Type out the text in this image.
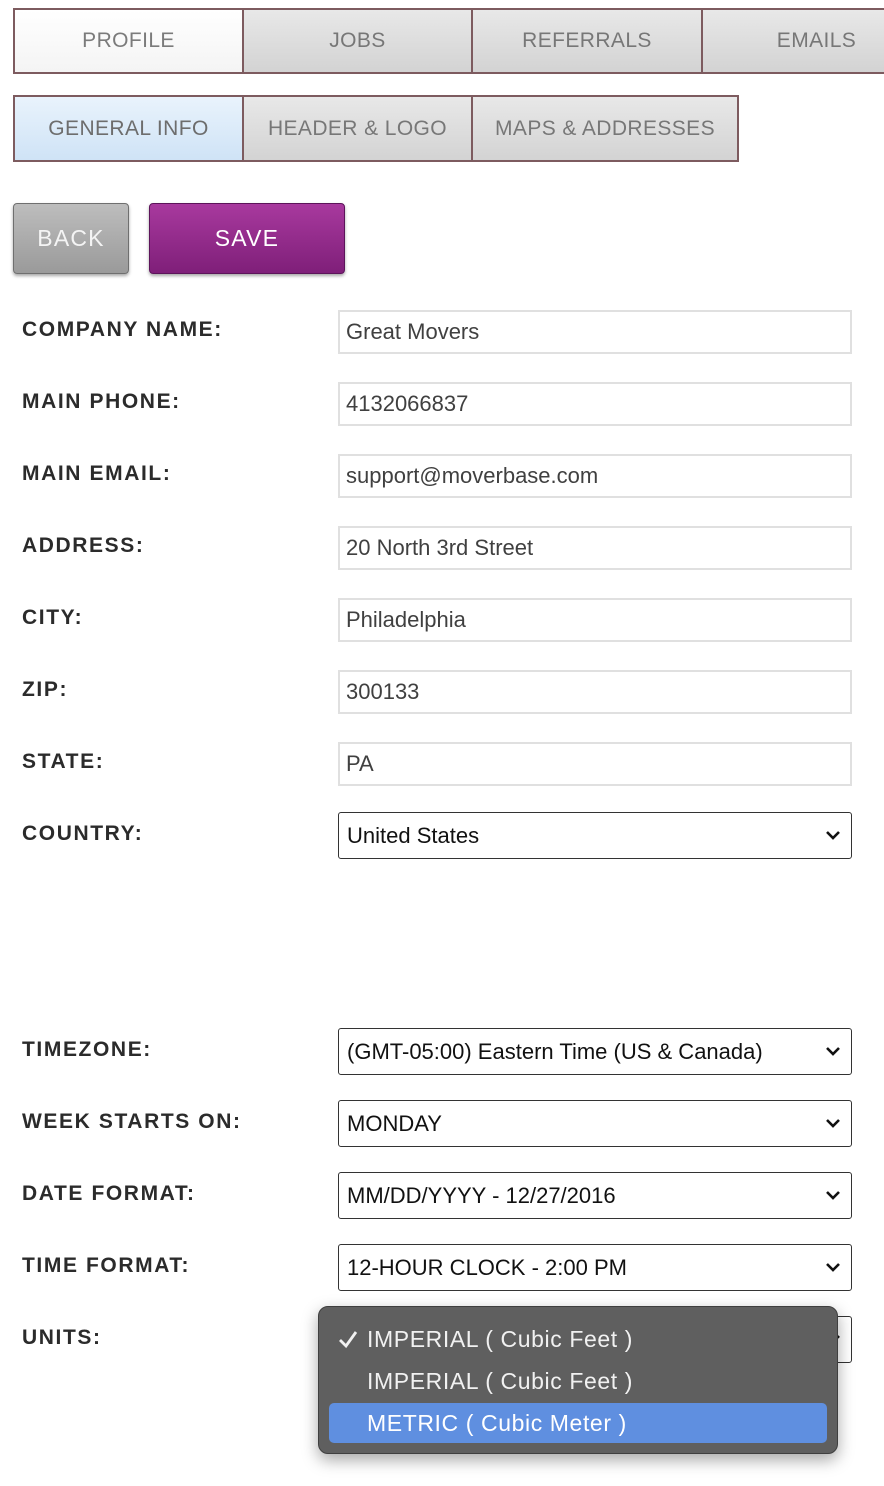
PROFILE	JOBS	REFERRALS	EMAILS
GENERAL INFO	HEADER & LOGO	MAPS & ADDRESSES
BACK	SAVE
COMPANY NAME:
Great Movers
MAIN PHONE:
4132066837
MAIN EMAIL:
support@moverbase.com
ADDRESS:
20 North 3rd Street
CITY:
Philadelphia
ZIP:
300133
STATE:
PA
COUNTRY:	United States
TIMEZONE:	(GMT-05:00) Eastern Time (US & Canada)
WEEK STARTS ON:	MONDAY
DATE FORMAT:	MM/DD/YYYY - 12/27/2016
TIME FORMAT:	12-HOUR CLOCK - 2:00 PM
UNITS:	IMPERIAL ( Cubic Feet )
IMPERIAL ( Cubic Feet )
METRIC ( Cubic Meter )
